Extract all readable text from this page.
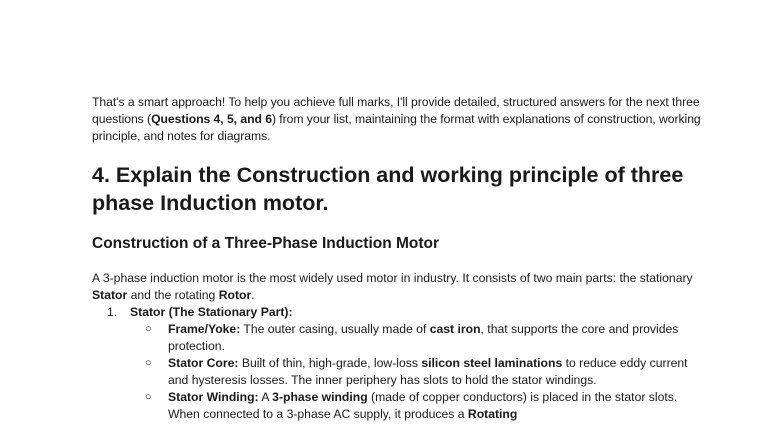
That's a smart approach! To help you achieve full marks, I'll provide detailed, structured answers for the next three questions (Questions 4, 5, and 6) from your list, maintaining the format with explanations of construction, working principle, and notes for diagrams.

4. Explain the Construction and working principle of three phase Induction motor.
Construction of a Three-Phase Induction Motor

A 3-phase induction motor is the most widely used motor in industry. It consists of two main parts: the stationary Stator and the rotating Rotor.

1. Stator (The Stationary Part):
○ Frame/Yoke: The outer casing, usually made of cast iron, that supports the core and provides protection.
○ Stator Core: Built of thin, high-grade, low-loss silicon steel laminations to reduce eddy current and hysteresis losses. The inner periphery has slots to hold the stator windings.
○ Stator Winding: A 3-phase winding (made of copper conductors) is placed in the stator slots. When connected to a 3-phase AC supply, it produces a Rotating
